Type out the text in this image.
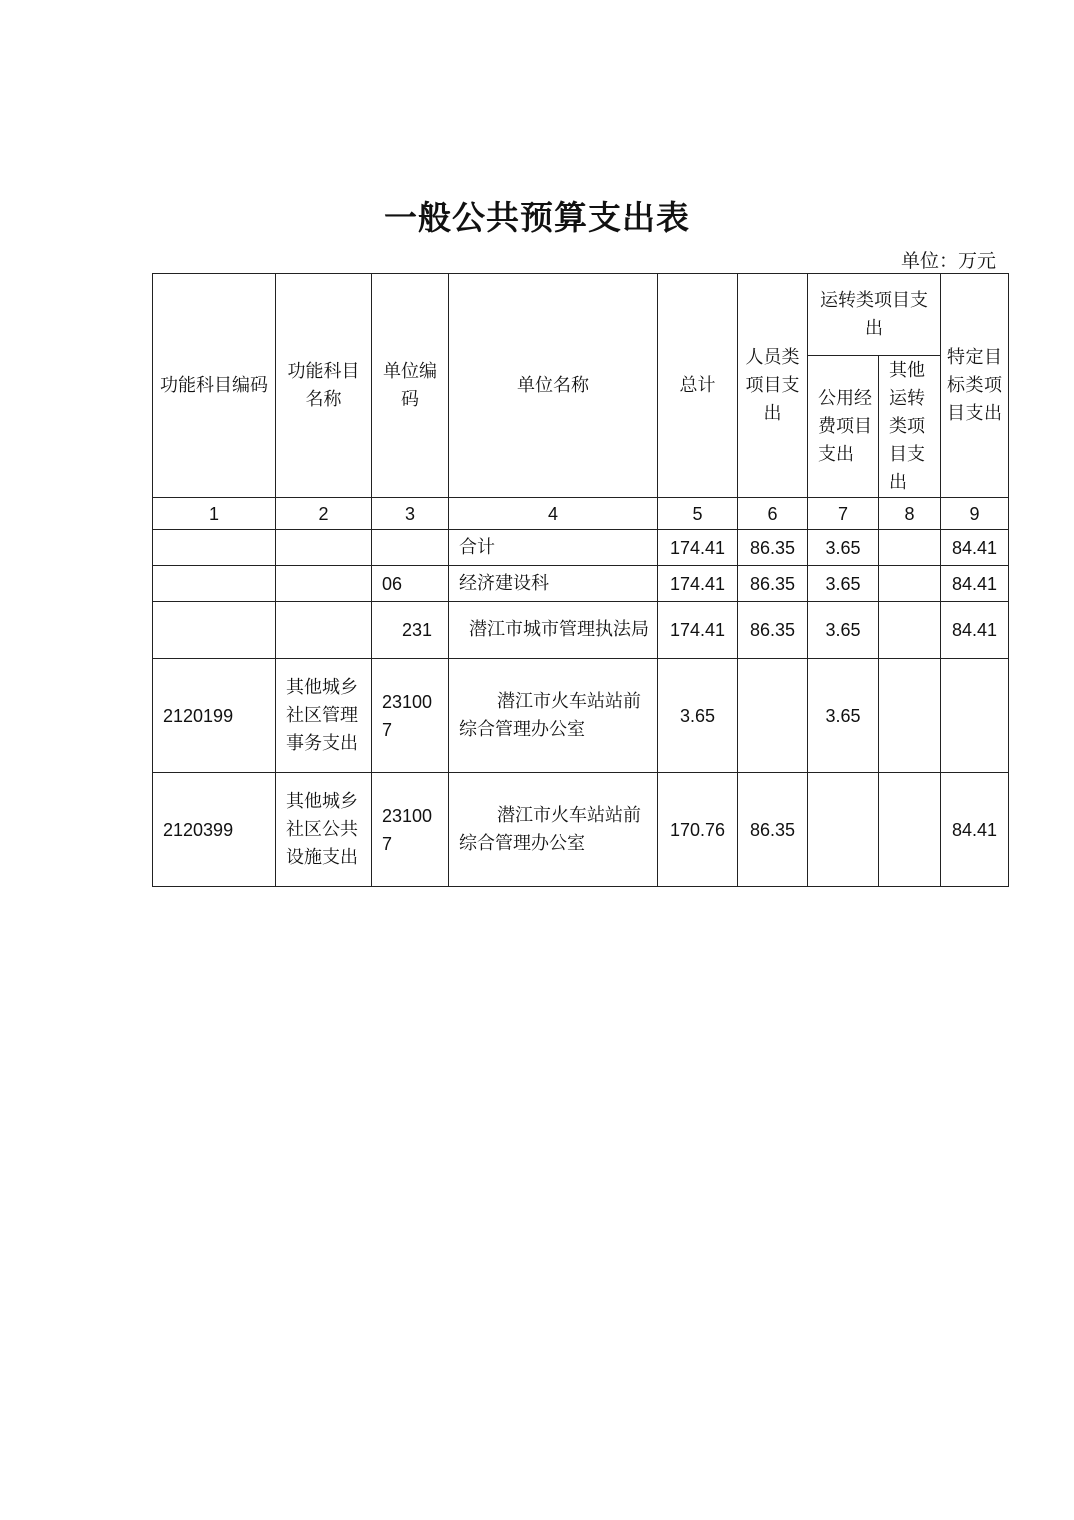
一般公共预算支出表
单位：万元
功能科目编码	功能科目名称	单位编码	单位名称	总计	人员类项目支出	运转类项目支出		特定目标类项目支出
						公用经费项目支出	其他运转类项目支出	
1	2	3	4	5	6	7	8	9
			合计	174.41	86.35	3.65		84.41
		06	经济建设科	174.41	86.35	3.65		84.41
		231	潜江市城市管理执法局	174.41	86.35	3.65		84.41
2120199	其他城乡社区管理事务支出	231007	潜江市火车站站前综合管理办公室	3.65		3.65		
2120399	其他城乡社区公共设施支出	231007	潜江市火车站站前综合管理办公室	170.76	86.35			84.41
